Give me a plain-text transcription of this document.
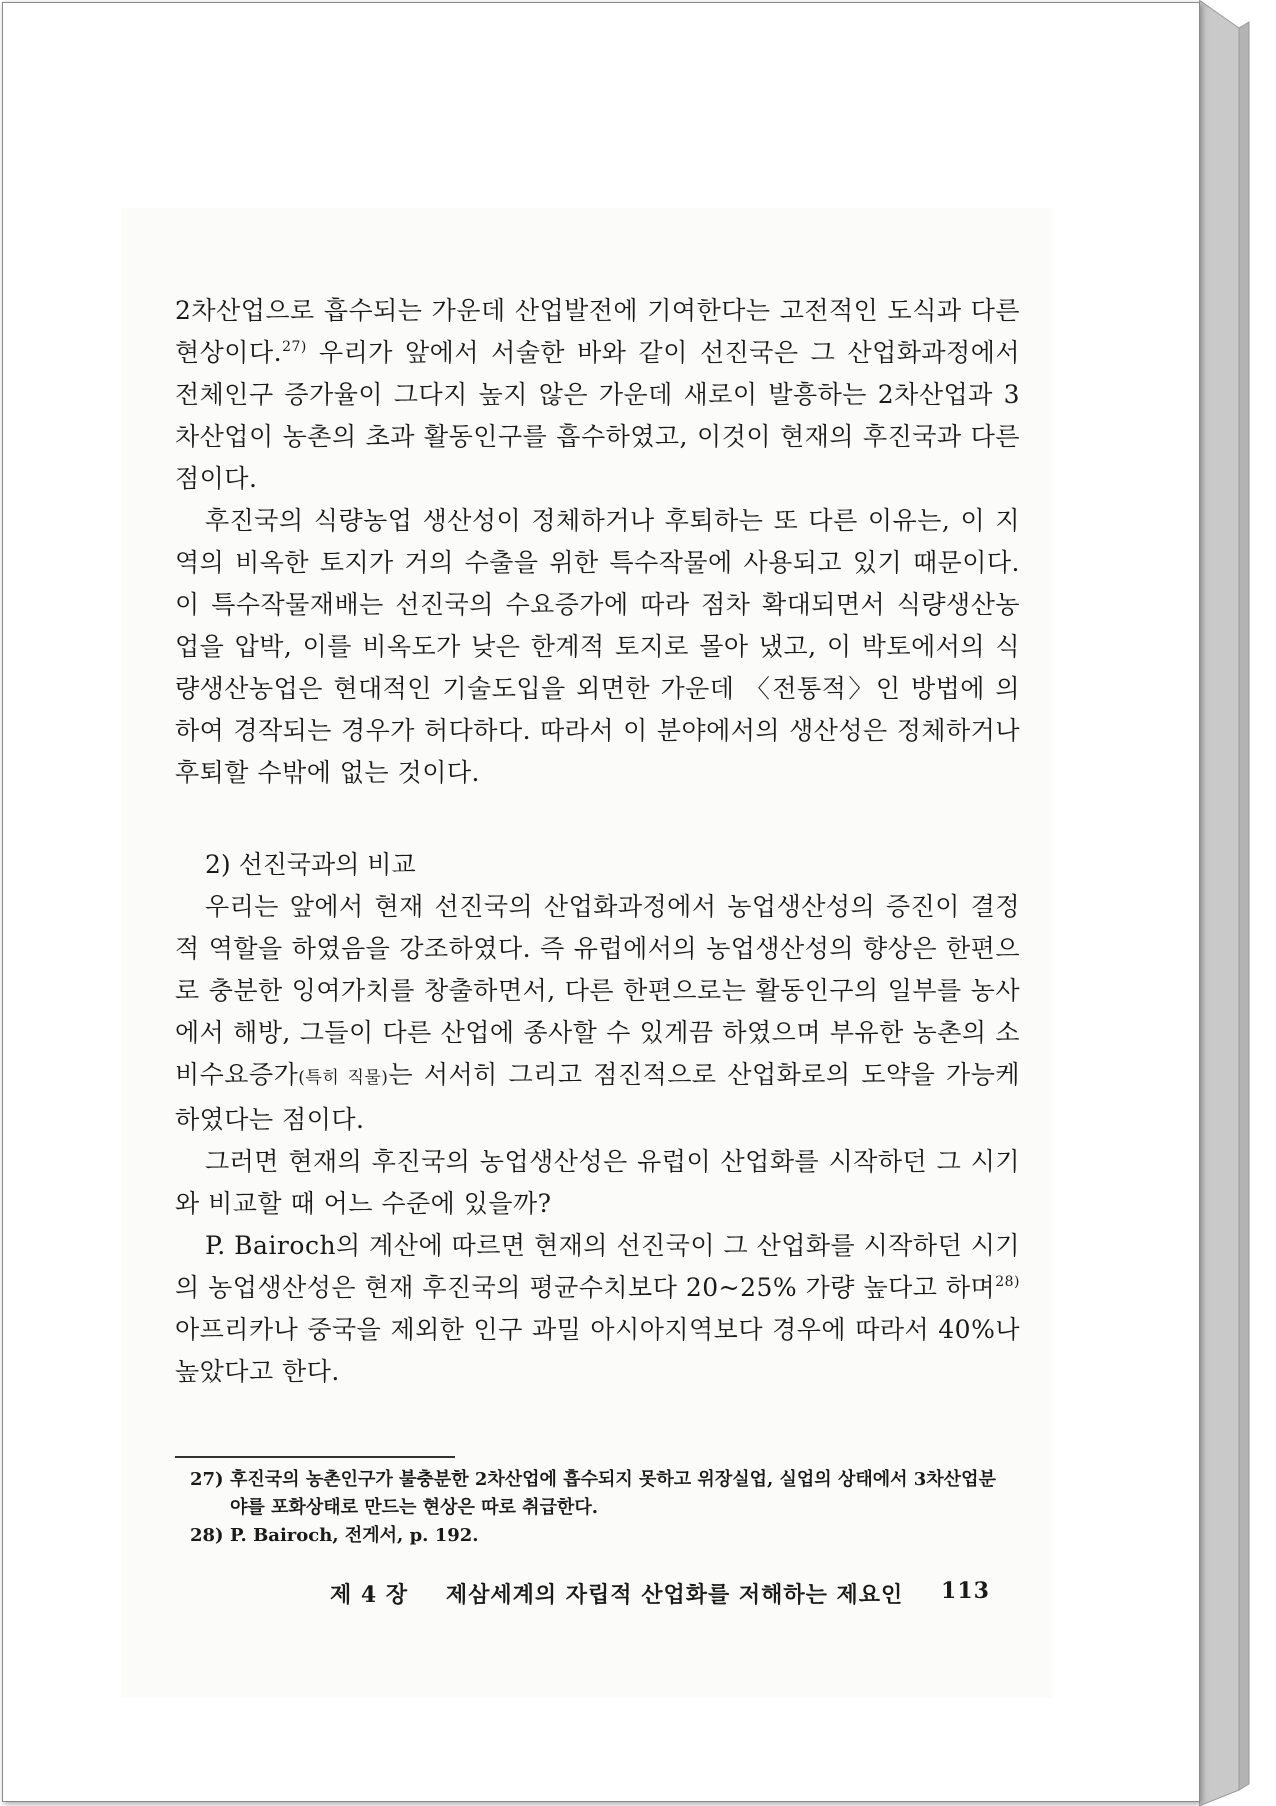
2차산업으로 흡수되는 가운데 산업발전에 기여한다는 고전적인 도식과 다른 현상이다.$^{27)}$ 우리가 앞에서 서술한 바와 같이 선진국은 그 산업화과정에서 전체인구 증가율이 그다지 높지 않은 가운데 새로이 발흥하는 2차산업과 3차산업이 농촌의 초과 활동인구를 흡수하였고, 이것이 현재의 후진국과 다른 점이다.

후진국의 식량농업 생산성이 정체하거나 후퇴하는 또 다른 이유는, 이 지역의 비옥한 토지가 거의 수출을 위한 특수작물에 사용되고 있기 때문이다. 이 특수작물재배는 선진국의 수요증가에 따라 점차 확대되면서 식량생산농업을 압박, 이를 비옥도가 낮은 한계적 토지로 몰아 냈고, 이 박토에서의 식량생산농업은 현대적인 기술도입을 외면한 가운데 〈전통적〉인 방법에 의하여 경작되는 경우가 허다하다. 따라서 이 분야에서의 생산성은 정체하거나 후퇴할 수밖에 없는 것이다.

2) 선진국과의 비교

우리는 앞에서 현재 선진국의 산업화과정에서 농업생산성의 증진이 결정적 역할을 하였음을 강조하였다. 즉 유럽에서의 농업생산성의 향상은 한편으로 충분한 잉여가치를 창출하면서, 다른 한편으로는 활동인구의 일부를 농사에서 해방, 그들이 다른 산업에 종사할 수 있게끔 하였으며 부유한 농촌의 소비수요증가(특히 직물)는 서서히 그리고 점진적으로 산업화로의 도약을 가능케 하였다는 점이다.

그러면 현재의 후진국의 농업생산성은 유럽이 산업화를 시작하던 그 시기와 비교할 때 어느 수준에 있을까?

P. Bairoch의 계산에 따르면 현재의 선진국이 그 산업화를 시작하던 시기의 농업생산성은 현재 후진국의 평균수치보다 20~25% 가량 높다고 하며$^{28)}$ 아프리카나 중국을 제외한 인구 과밀 아시아지역보다 경우에 따라서 40%나 높았다고 한다.

27) 후진국의 농촌인구가 불충분한 2차산업에 흡수되지 못하고 위장실업, 실업의 상태에서 3차산업분야를 포화상태로 만드는 현상은 따로 취급한다.
28) P. Bairoch, 전게서, p. 192.
제 4 장 제삼세계의 자립적 산업화를 저해하는 제요인 113
